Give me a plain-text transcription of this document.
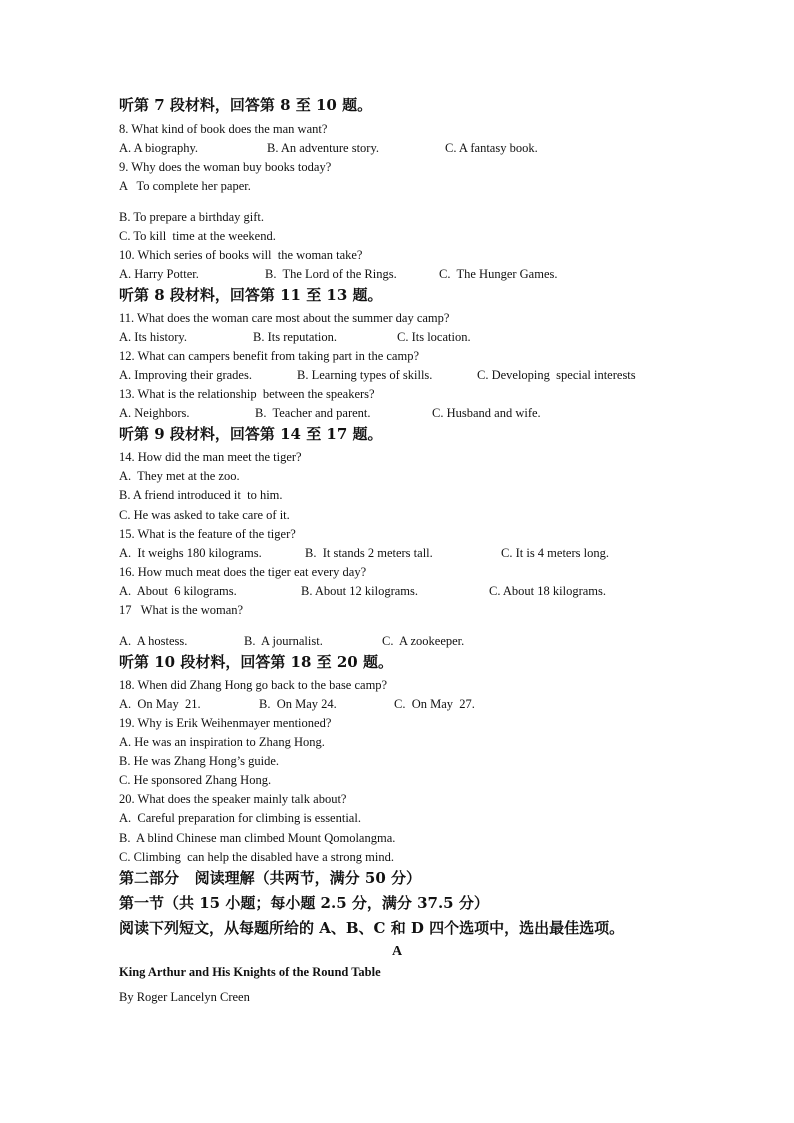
听第 7 段材料，回答第 8 至 10 题。
8. What kind of book does the man want?
A. A biography.	B. An adventure story.	C. A fantasy book.
9. Why does the woman buy books today?
A   To complete her paper.
B. To prepare a birthday gift.
C. To kill  time at the weekend.
10. Which series of books will  the woman take?
A. Harry Potter.	B.  The Lord of the Rings.	C.  The Hunger Games.
听第 8 段材料，回答第 11 至 13 题。
11. What does the woman care most about the summer day camp?
A. Its history.	B. Its reputation.	C. Its location.
12. What can campers benefit from taking part in the camp?
A. Improving their grades.	B. Learning types of skills.	C. Developing  special interests
13. What is the relationship  between the speakers?
A. Neighbors.	B.  Teacher and parent.	C. Husband and wife.
听第 9 段材料，回答第 14 至 17 题。
14. How did the man meet the tiger?
A.  They met at the zoo.
B. A friend introduced it  to him.
C. He was asked to take care of it.
15. What is the feature of the tiger?
A.  It weighs 180 kilograms.	B.  It stands 2 meters tall.	C. It is 4 meters long.
16. How much meat does the tiger eat every day?
A.  About  6 kilograms.	B. About 12 kilograms.	C. About 18 kilograms.
17   What is the woman?
A.  A hostess.	B.  A journalist.	C.  A zookeeper.
听第 10 段材料，回答第 18 至 20 题。
18. When did Zhang Hong go back to the base camp?
A.  On May  21.	B.  On May 24.	C.  On May  27.
19. Why is Erik Weihenmayer mentioned?
A. He was an inspiration to Zhang Hong.
B. He was Zhang Hong’s guide.
C. He sponsored Zhang Hong.
20. What does the speaker mainly talk about?
A.  Careful preparation for climbing is essential.
B.  A blind Chinese man climbed Mount Qomolangma.
C. Climbing  can help the disabled have a strong mind.
第二部分   阅读理解（共两节，满分 50 分）
第一节（共 15 小题；每小题 2.5 分，满分 37.5 分）
阅读下列短文，从每题所给的 A、B、C 和 D 四个选项中，选出最佳选项。
A
King Arthur and His Knights of the Round Table
By Roger Lancelyn Creen
